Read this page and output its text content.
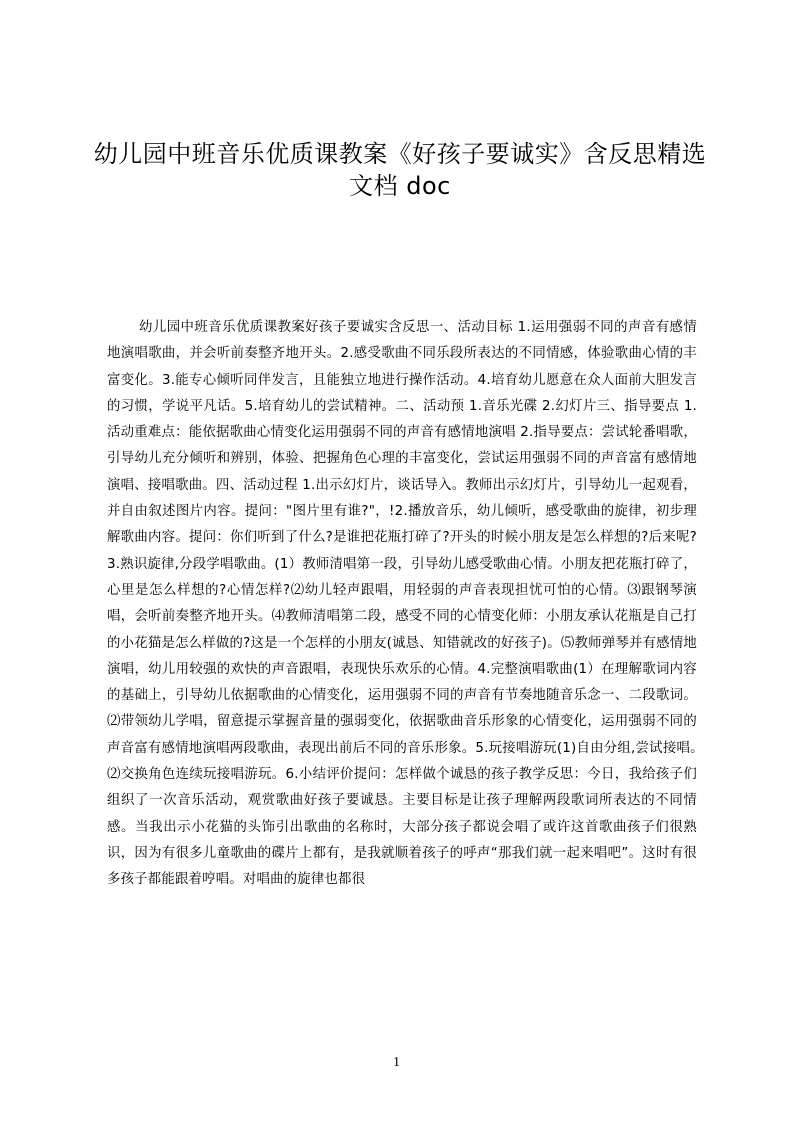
幼儿园中班音乐优质课教案《好孩子要诚实》含反思精选文档 doc

幼儿园中班音乐优质课教案好孩子要诚实含反思一、活动目标 1.运用强弱不同的声音有感情地演唱歌曲，并会听前奏整齐地开头。2.感受歌曲不同乐段所表达的不同情感，体验歌曲心情的丰富变化。3.能专心倾听同伴发言，且能独立地进行操作活动。4.培育幼儿愿意在众人面前大胆发言的习惯，学说平凡话。5.培育幼儿的尝试精神。二、活动预 1.音乐光碟 2.幻灯片三、指导要点 1.活动重难点：能依据歌曲心情变化运用强弱不同的声音有感情地演唱 2.指导要点：尝试轮番唱歌，引导幼儿充分倾听和辨别，体验、把握角色心理的丰富变化，尝试运用强弱不同的声音富有感情地演唱、接唱歌曲。四、活动过程 1.出示幻灯片，谈话导入。教师出示幻灯片，引导幼儿一起观看，并自由叙述图片内容。提问："图片里有谁?"，!2.播放音乐，幼儿倾听，感受歌曲的旋律，初步理解歌曲内容。提问：你们听到了什么?是谁把花瓶打碎了?开头的时候小朋友是怎么样想的?后来呢?3.熟识旋律,分段学唱歌曲。(1）教师清唱第一段，引导幼儿感受歌曲心情。小朋友把花瓶打碎了，心里是怎么样想的?心情怎样?⑵幼儿轻声跟唱，用轻弱的声音表现担忧可怕的心情。⑶跟钢琴演唱，会听前奏整齐地开头。⑷教师清唱第二段，感受不同的心情变化师：小朋友承认花瓶是自己打的小花猫是怎么样做的?这是一个怎样的小朋友(诚恳、知错就改的好孩子)。⑸教师弹琴并有感情地演唱，幼儿用较强的欢快的声音跟唱，表现快乐欢乐的心情。4.完整演唱歌曲(1）在理解歌词内容的基础上，引导幼儿依据歌曲的心情变化，运用强弱不同的声音有节奏地随音乐念一、二段歌词。⑵带领幼儿学唱，留意提示掌握音量的强弱变化，依据歌曲音乐形象的心情变化，运用强弱不同的声音富有感情地演唱两段歌曲，表现出前后不同的音乐形象。5.玩接唱游玩(1)自由分组,尝试接唱。　⑵交换角色连续玩接唱游玩。6.小结评价提问：怎样做个诚恳的孩子教学反思：今日，我给孩子们组织了一次音乐活动，观赏歌曲好孩子要诚恳。主要目标是让孩子理解两段歌词所表达的不同情感。当我出示小花猫的头饰引出歌曲的名称时，大部分孩子都说会唱了或许这首歌曲孩子们很熟识，因为有很多儿童歌曲的碟片上都有，是我就顺着孩子的呼声“那我们就一起来唱吧”。这时有很多孩子都能跟着哼唱。对唱曲的旋律也都很

1
